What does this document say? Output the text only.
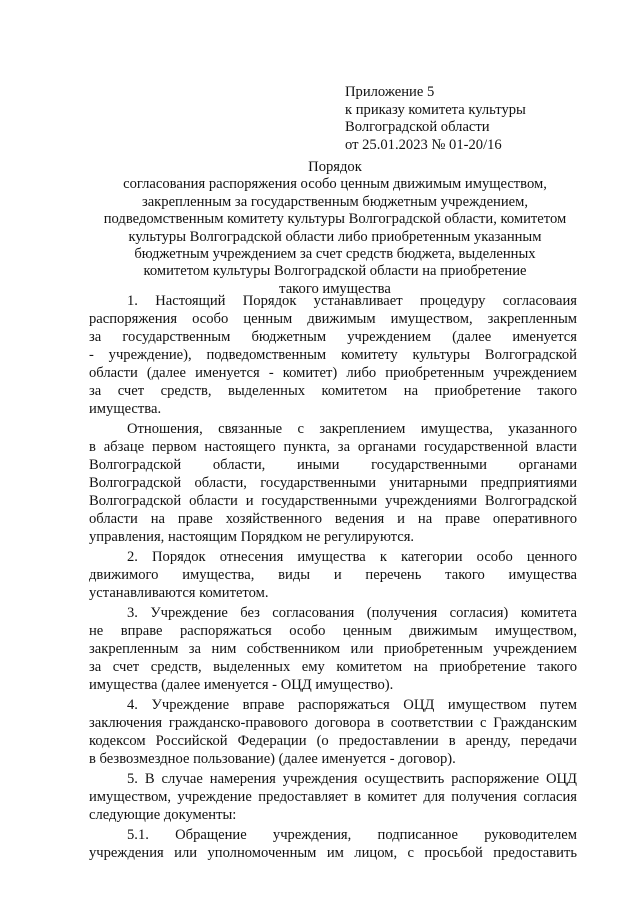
Приложение 5
к приказу комитета культуры
Волгоградской области
от 25.01.2023 № 01-20/16
Порядок
согласования распоряжения особо ценным движимым имуществом,
закрепленным за государственным бюджетным учреждением,
подведомственным комитету культуры Волгоградской области, комитетом
культуры Волгоградской области либо приобретенным указанным
бюджетным учреждением за счет средств бюджета, выделенных
комитетом культуры Волгоградской области на приобретение
такого имущества
1. Настоящий Порядок устанавливает процедуру согласоваия
распоряжения особо ценным движимым имуществом, закрепленным
за государственным бюджетным учреждением (далее именуется
- учреждение), подведомственным комитету культуры Волгоградской
области (далее именуется - комитет) либо приобретенным учреждением
за счет средств, выделенных комитетом на приобретение такого
имущества.
Отношения, связанные с закреплением имущества, указанного
в абзаце первом настоящего пункта, за органами государственной власти
Волгоградской области, иными государственными органами
Волгоградской области, государственными унитарными предприятиями
Волгоградской области и государственными учреждениями Волгоградской
области на праве хозяйственного ведения и на праве оперативного
управления, настоящим Порядком не регулируются.
2. Порядок отнесения имущества к категории особо ценного
движимого имущества, виды и перечень такого имущества
устанавливаются комитетом.
3. Учреждение без согласования (получения согласия) комитета
не вправе распоряжаться особо ценным движимым имуществом,
закрепленным за ним собственником или приобретенным учреждением
за счет средств, выделенных ему комитетом на приобретение такого
имущества (далее именуется - ОЦД имущество).
4. Учреждение вправе распоряжаться ОЦД имуществом путем
заключения гражданско-правового договора в соответствии с Гражданским
кодексом Российской Федерации (о предоставлении в аренду, передачи
в безвозмездное пользование) (далее именуется - договор).
5. В случае намерения учреждения осуществить распоряжение ОЦД
имуществом, учреждение предоставляет в комитет для получения согласия
следующие документы:
5.1. Обращение учреждения, подписанное руководителем
учреждения или уполномоченным им лицом, с просьбой предоставить
